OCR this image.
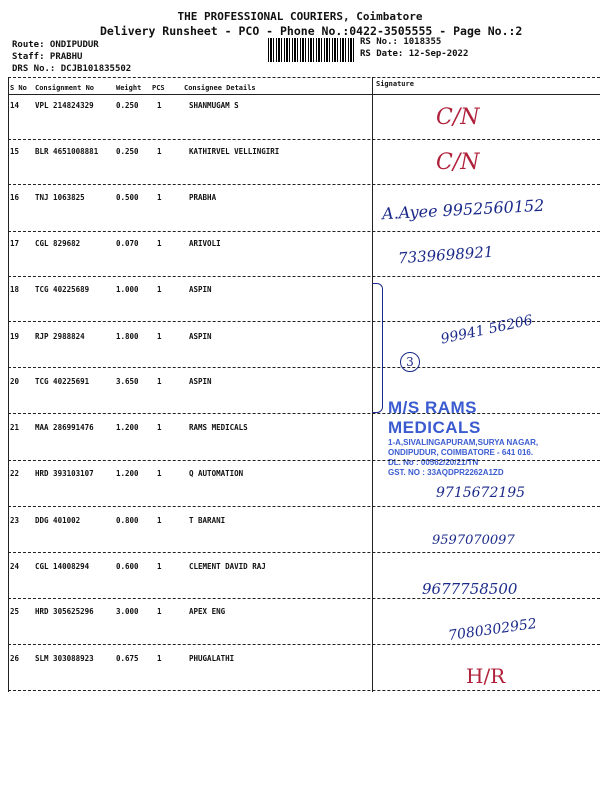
THE PROFESSIONAL COURIERS, Coimbatore
Delivery Runsheet - PCO - Phone No.:0422-3505555 - Page No.:2
Route: ONDIPUDUR
Staff: PRABHU
DRS No.: DCJB101835502
RS No.: 1018355
RS Date: 12-Sep-2022
S No Consignment No	Weight PCS	Consignee Details	Signature
14 VPL 214824329	0.250 1	SHANMUGAM S	C/N
15 BLR 4651008881 0.250 1	KATHIRVEL VELLINGIRI	C/N
16 TNJ 1063825	0.500 1	PRABHA	A.Ayee 9952560152
17 CGL 829682	0.070 1	ARIVOLI	7339698921
18 TCG 40225689	1.000 1	ASPIN
19 RJP 2988824	1.800 1	ASPIN	99941 56206
20 TCG 40225691	3.650 1	ASPIN
3
21 MAA 286991476	1.200 1	RAMS MEDICALS
M/S RAMS MEDICALS
1-A,SIVALINGAPURAM,SURYA NAGAR,
ONDIPUDUR, COIMBATORE - 641 016.
DL. No : 00562/20/21/TN
GST. NO : 33AQDPR2262A1ZD
22 HRD 393103107	1.200 1	Q AUTOMATION
9715672195
23 DDG 401002	0.800 1	T BARANI
9597070097
24 CGL 14008294	0.600 1	CLEMENT DAVID RAJ
9677758500
25 HRD 305625296	3.000 1	APEX ENG
7080302952
26 SLM 303088923	0.675 1	PHUGALATHI
H/R
